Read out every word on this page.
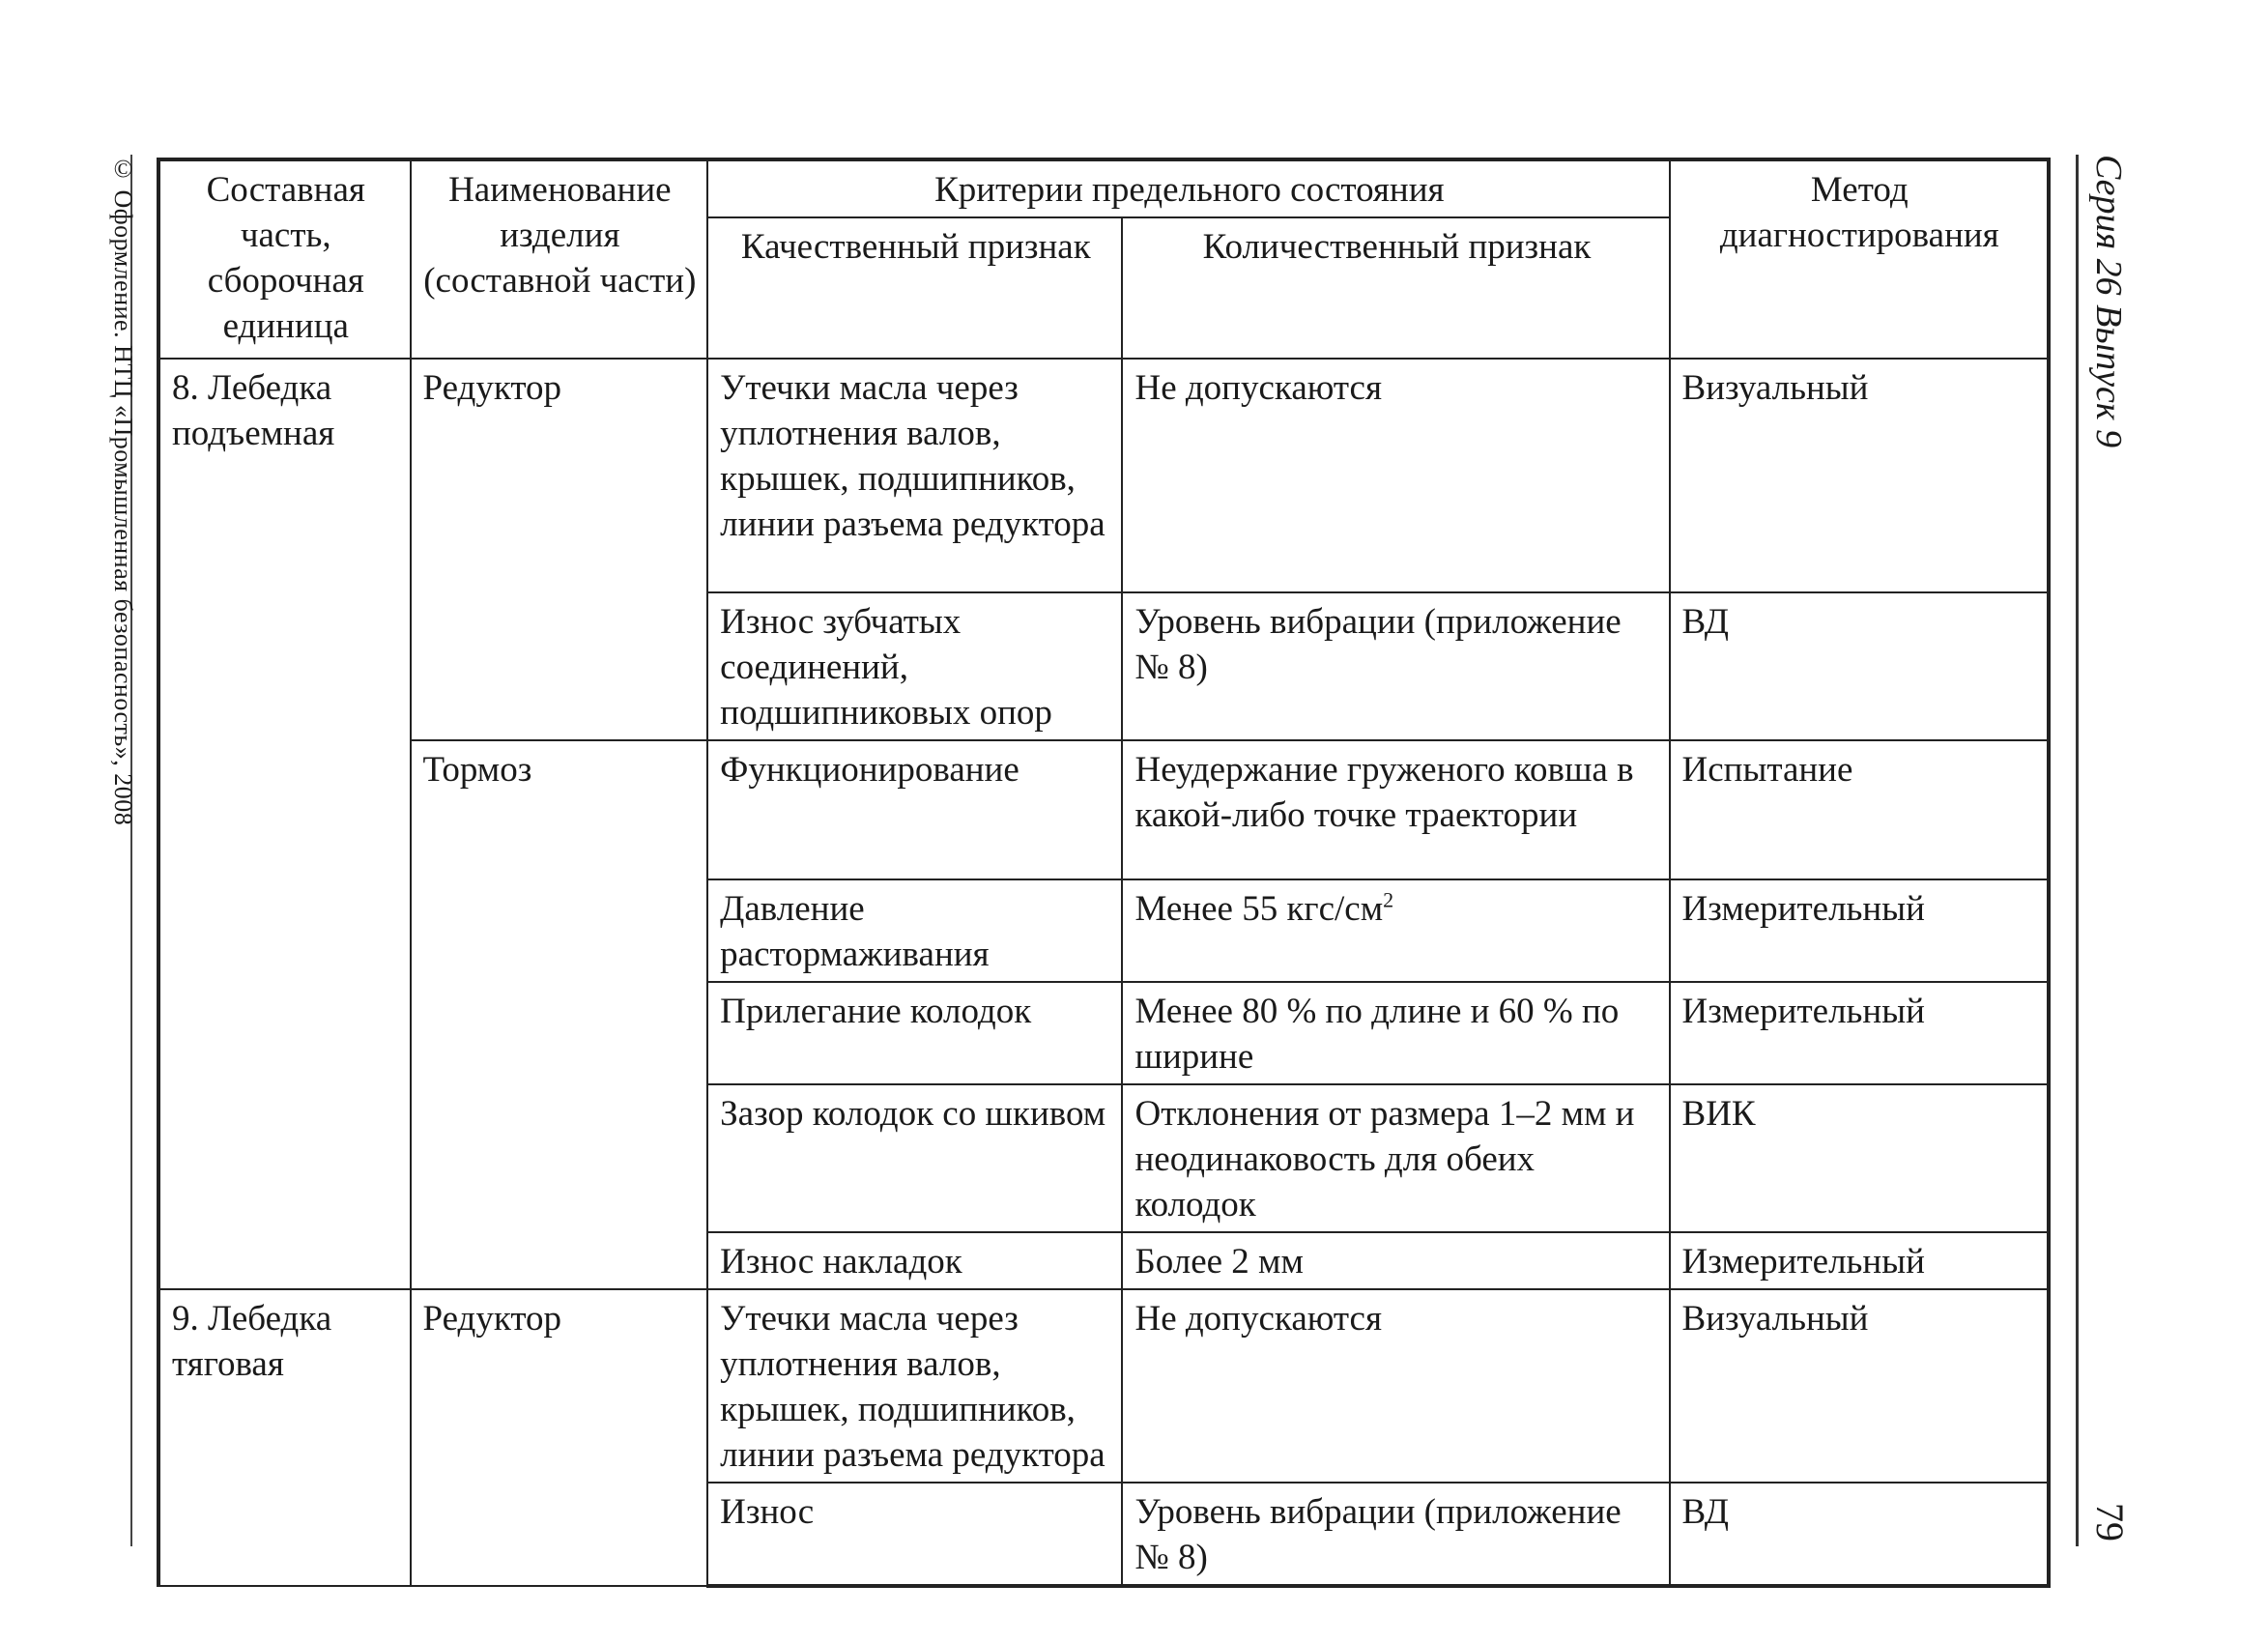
© Оформление. НТЦ «Промышленная безопасность», 2008	Серия 26 Выпуск 9
79
Составная часть, сборочная единица	Наименование изделия (составной части)	Критерии предельного состояния		Метод диагностирования
		Качественный признак	Количественный признак	
8. Лебедка подъемная	Редуктор	Утечки масла через уплотнения валов, крышек, подшипников, линии разъема редуктора	Не допускаются	Визуальный
		Износ зубчатых соединений, подшипниковых опор	Уровень вибрации (приложение № 8)	ВД
	Тормоз	Функционирование	Неудержание груженого ковша в какой-либо точке траектории	Испытание
		Давление растормаживания	Менее 55 кгс/$см^2$	Измерительный
		Прилегание колодок	Менее 80 % по длине и 60 % по ширине	Измерительный
		Зазор колодок со шкивом	Отклонения от размера 1–2 мм и неодинаковость для обеих колодок	ВИК
		Износ накладок	Более 2 мм	Измерительный
9. Лебедка тяговая	Редуктор	Утечки масла через уплотнения валов, крышек, подшипников, линии разъема редуктора	Не допускаются	Визуальный
		Износ	Уровень вибрации (приложение № 8)	ВД
